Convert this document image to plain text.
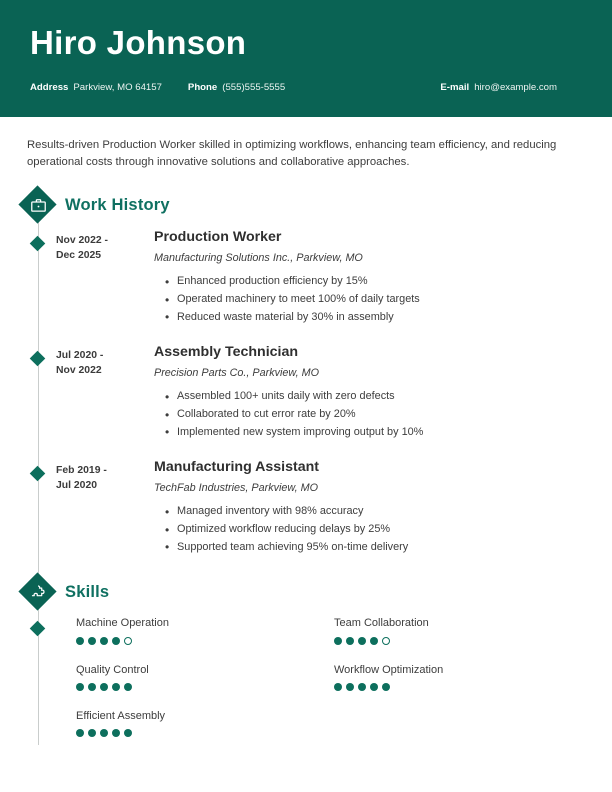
Hiro Johnson
Address Parkview, MO 64157	Phone (555)555-5555	E-mail hiro@example.com
Results-driven Production Worker skilled in optimizing workflows, enhancing team efficiency, and reducing operational costs through innovative solutions and collaborative approaches.
Work History
Nov 2022 -
Dec 2025
Production Worker
Manufacturing Solutions Inc., Parkview, MO
• Enhanced production efficiency by 15%
• Operated machinery to meet 100% of daily targets
• Reduced waste material by 30% in assembly
Jul 2020 -
Nov 2022
Assembly Technician
Precision Parts Co., Parkview, MO
• Assembled 100+ units daily with zero defects
• Collaborated to cut error rate by 20%
• Implemented new system improving output by 10%
Feb 2019 -
Jul 2020
Manufacturing Assistant
TechFab Industries, Parkview, MO
• Managed inventory with 98% accuracy
• Optimized workflow reducing delays by 25%
• Supported team achieving 95% on-time delivery
Skills
Machine Operation
Quality Control
Efficient Assembly
Team Collaboration
Workflow Optimization
